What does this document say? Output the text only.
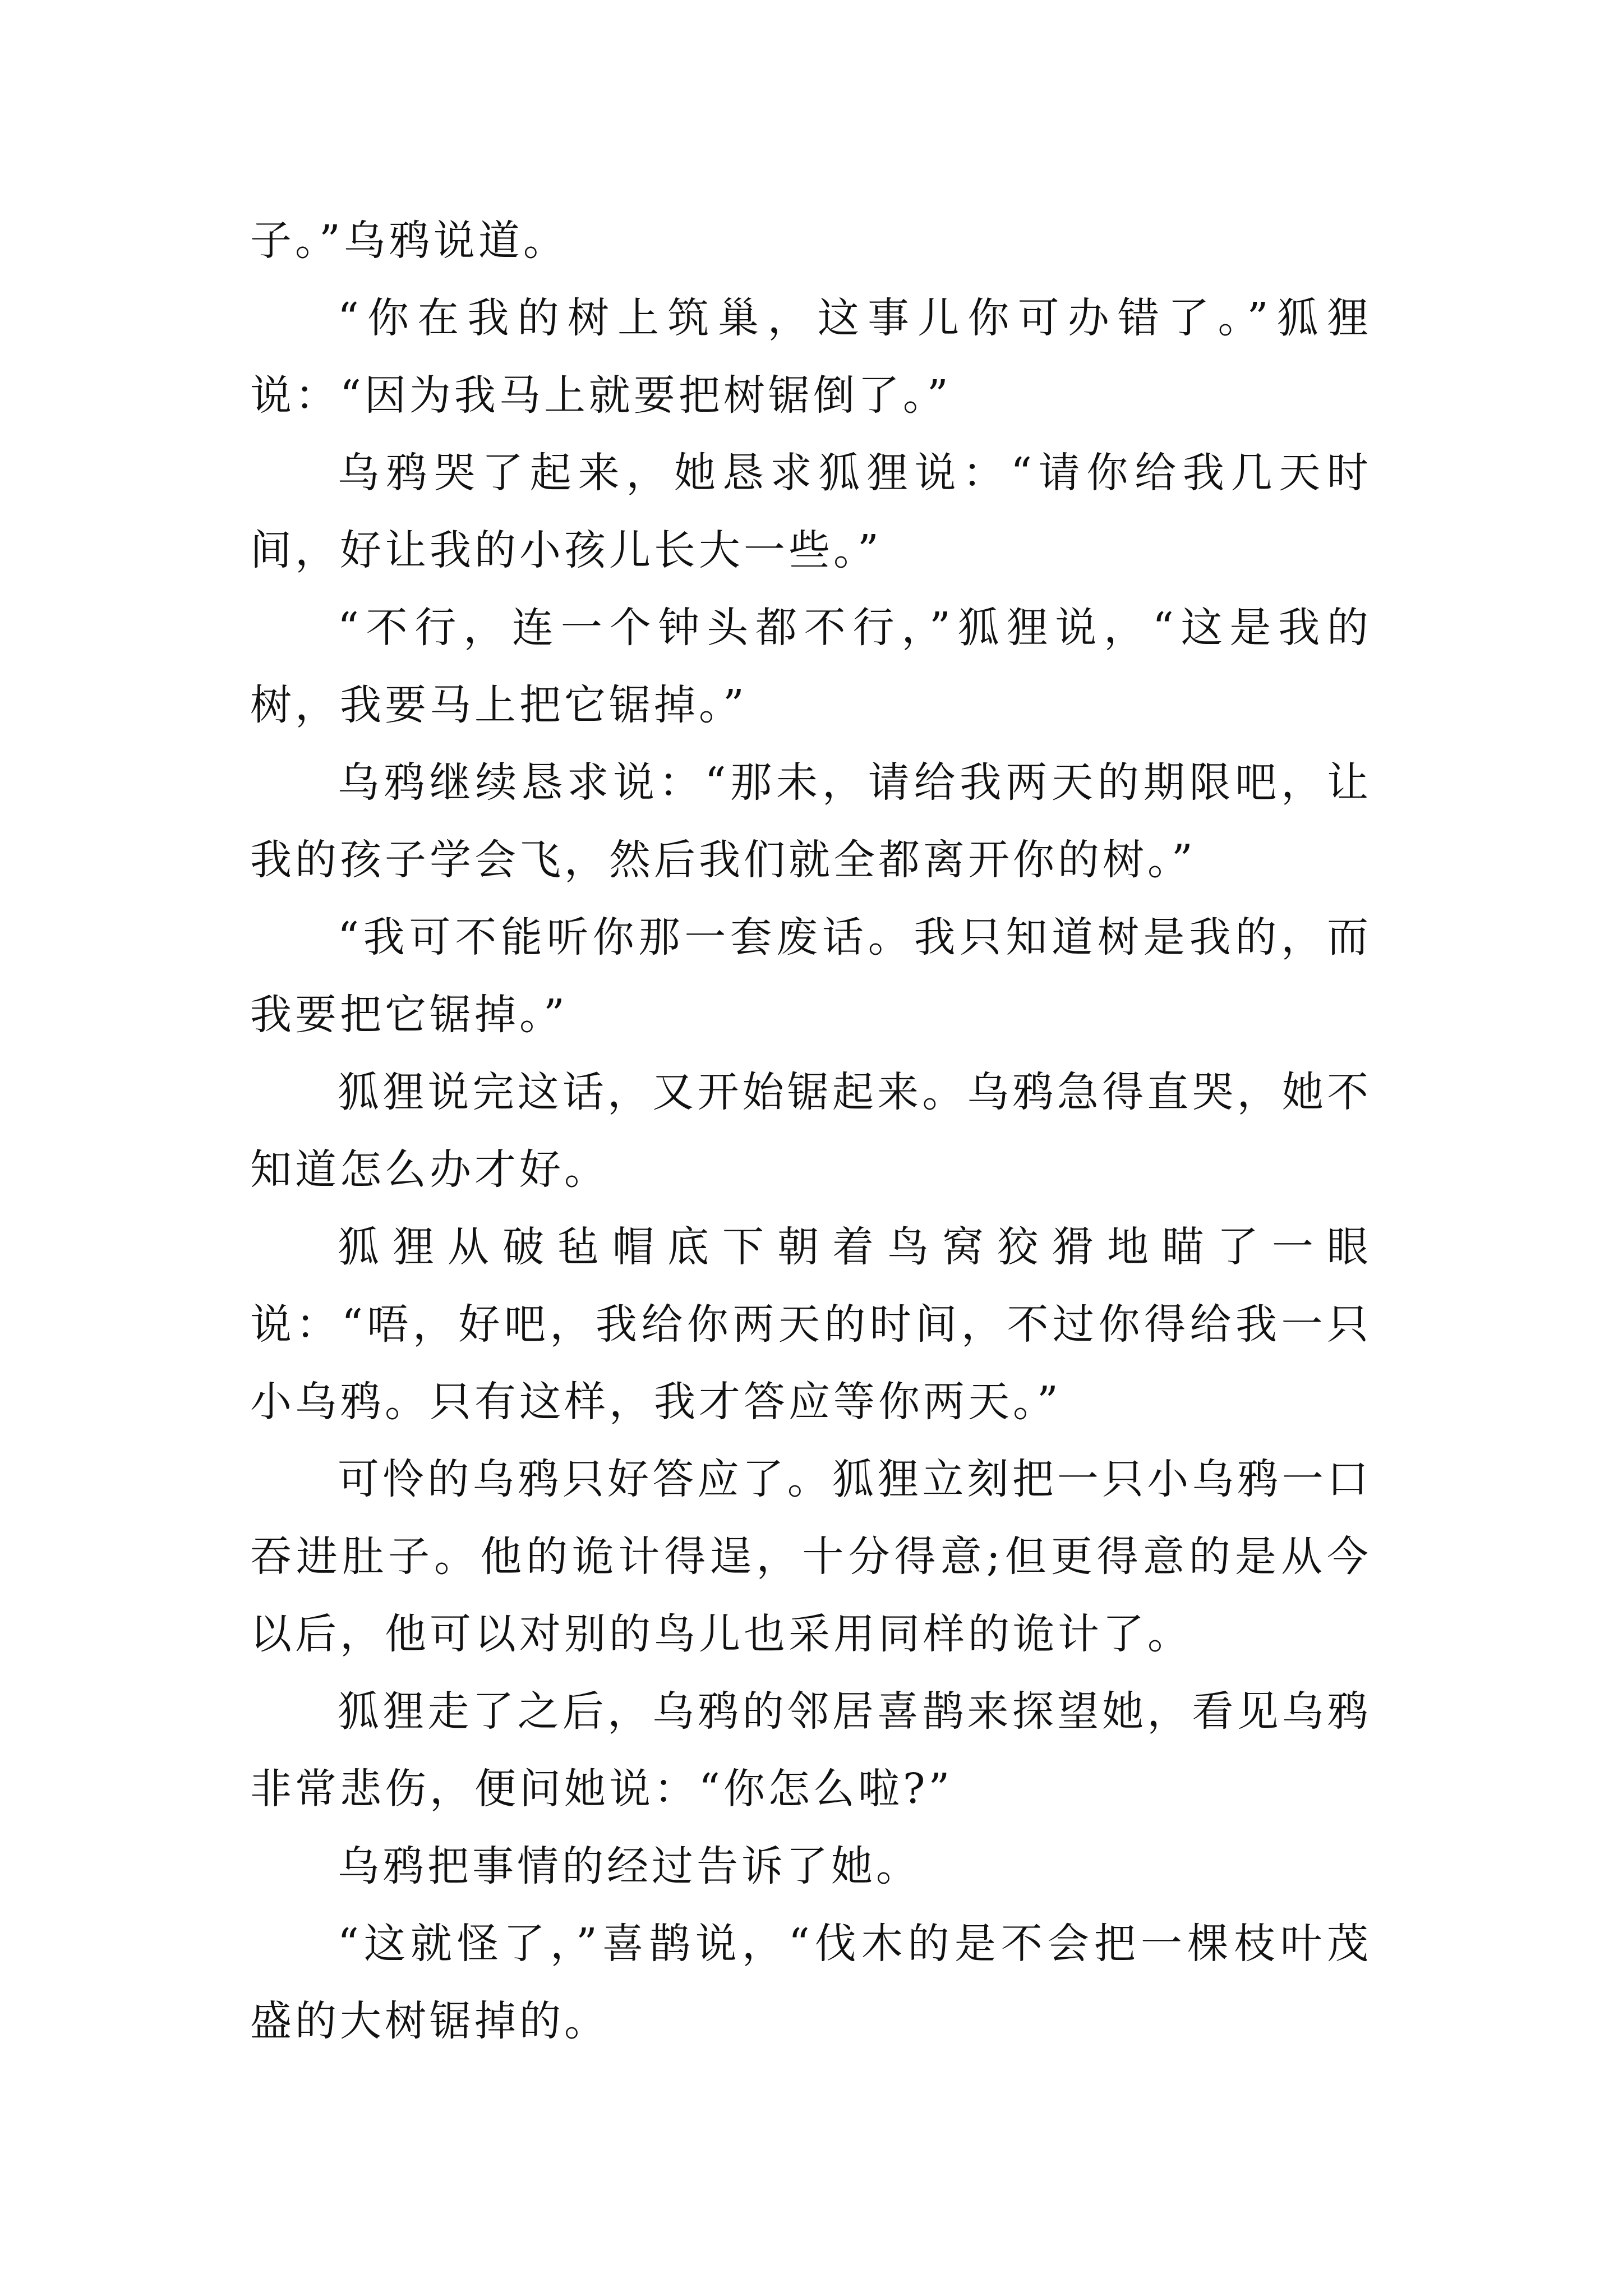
子。”乌鸦说道。

“你在我的树上筑巢，这事儿你可办错了。”狐狸说：“因为我马上就要把树锯倒了。”

乌鸦哭了起来，她恳求狐狸说：“请你给我几天时间，好让我的小孩儿长大一些。”

“不行，连一个钟头都不行，”狐狸说，“这是我的树，我要马上把它锯掉。”

乌鸦继续恳求说：“那未，请给我两天的期限吧，让我的孩子学会飞，然后我们就全都离开你的树。”

“我可不能听你那一套废话。我只知道树是我的，而我要把它锯掉。”

狐狸说完这话，又开始锯起来。乌鸦急得直哭，她不知道怎么办才好。

狐狸从破毡帽底下朝着鸟窝狡猾地瞄了一眼说：“唔，好吧，我给你两天的时间，不过你得给我一只小乌鸦。只有这样，我才答应等你两天。”

可怜的乌鸦只好答应了。狐狸立刻把一只小乌鸦一口吞进肚子。他的诡计得逞，十分得意;但更得意的是从今以后，他可以对别的鸟儿也采用同样的诡计了。

狐狸走了之后，乌鸦的邻居喜鹊来探望她，看见乌鸦非常悲伤，便问她说：“你怎么啦?”

乌鸦把事情的经过告诉了她。

“这就怪了，”喜鹊说，“伐木的是不会把一棵枝叶茂盛的大树锯掉的。
